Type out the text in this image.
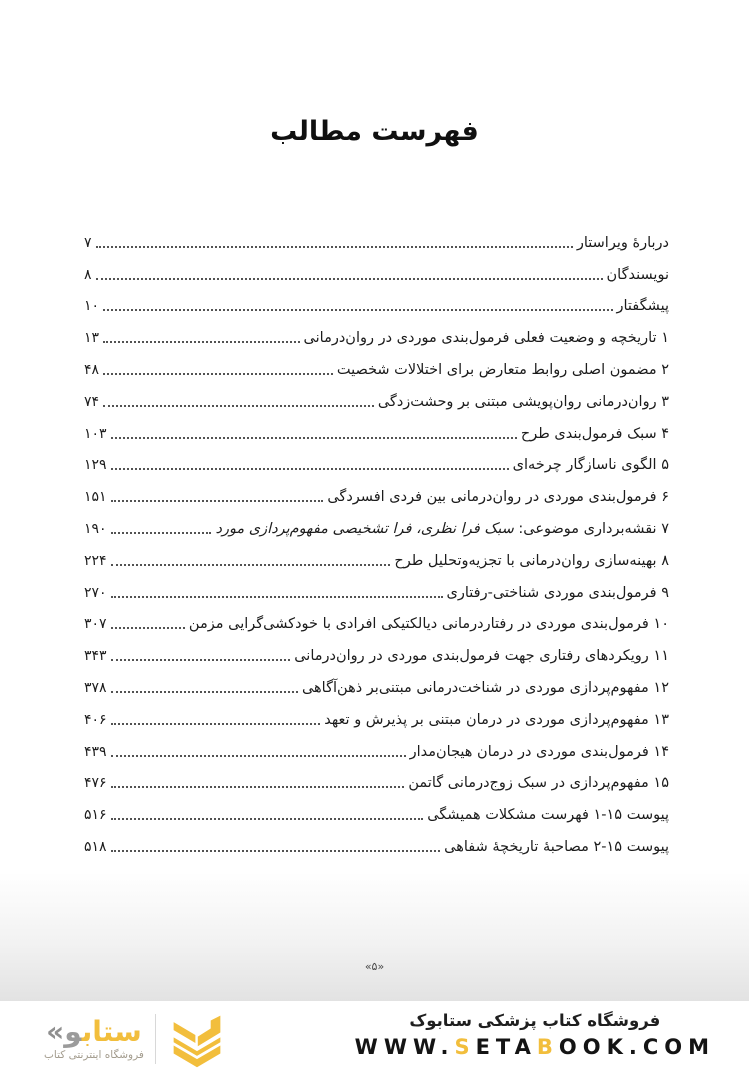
فهرست مطالب
دربارهٔ ویراستار
۷
نویسندگان
۸
پیشگفتار
۱۰
۱ تاریخچه و وضعیت فعلی فرمول‌بندی موردی در روان‌درمانی
۱۳
۲ مضمون اصلی روابط متعارض برای اختلالات شخصیت
۴۸
۳ روان‌درمانی روان‌پویشی مبتنی بر وحشت‌زدگی
۷۴
۴ سبک فرمول‌بندی طرح
۱۰۳
۵ الگوی ناسازگار چرخه‌ای
۱۲۹
۶ فرمول‌بندی موردی در روان‌درمانی بین فردی افسردگی
۱۵۱
۷ نقشه‌برداری موضوعی: سبک فرا نظری، فرا تشخیصی مفهوم‌پردازی مورد
۱۹۰
۸ بهینه‌سازی روان‌درمانی با تجزیه‌وتحلیل طرح
۲۲۴
۹ فرمول‌بندی موردی شناختی-رفتاری
۲۷۰
۱۰ فرمول‌بندی موردی در رفتاردرمانی دیالکتیکی افرادی با خودکشی‌گرایی مزمن
۳۰۷
۱۱ رویکردهای رفتاری جهت فرمول‌بندی موردی در روان‌درمانی
۳۴۳
۱۲ مفهوم‌پردازی موردی در شناخت‌درمانی مبتنی‌بر ذهن‌آگاهی
۳۷۸
۱۳ مفهوم‌پردازی موردی در درمان مبتنی بر پذیرش و تعهد
۴۰۶
۱۴ فرمول‌بندی موردی در درمان هیجان‌مدار
۴۳۹
۱۵ مفهوم‌پردازی در سبک زوج‌درمانی گاتمن
۴۷۶
پیوست ۱۵-۱ فهرست مشکلات همیشگی
۵۱۶
پیوست ۱۵-۲ مصاحبهٔ تاریخچهٔ شفاهی
۵۱۸
«۵»
ستابو«
فروشگاه اینترنتی کتاب
فروشگاه کتاب پزشکی ستابوک
WWW.SETABOOK.COM
